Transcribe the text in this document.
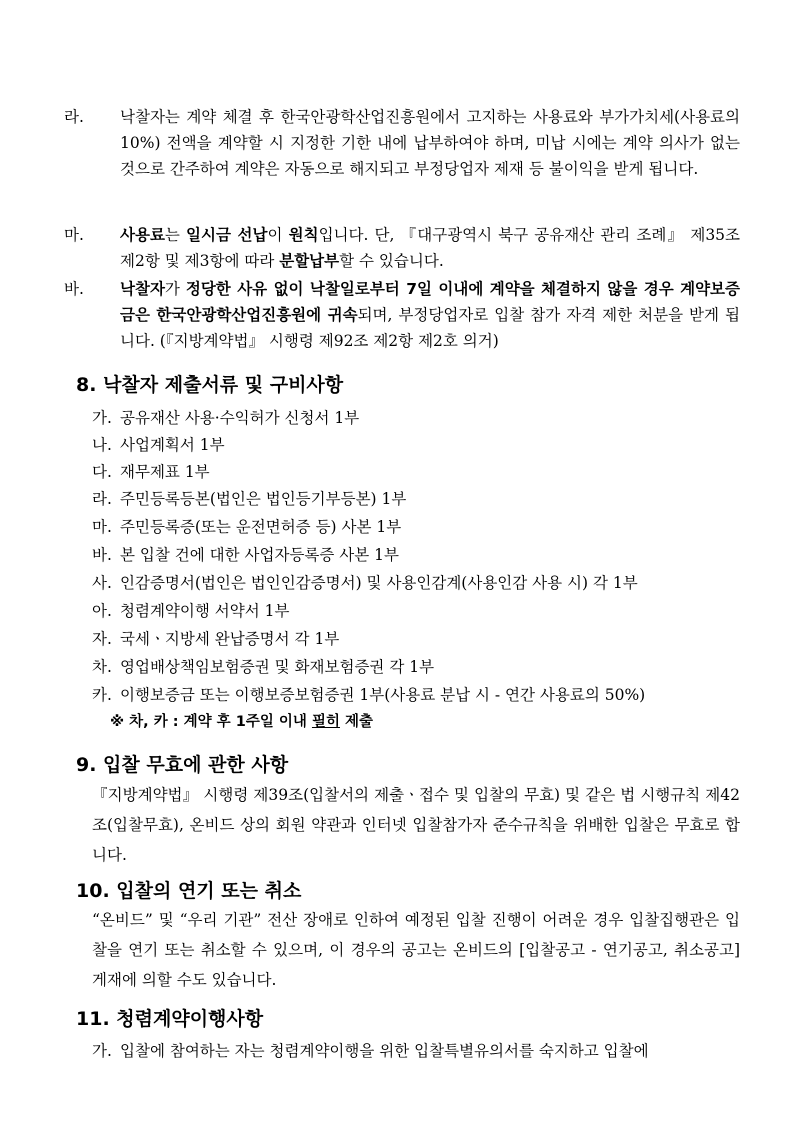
라. 낙찰자는 계약 체결 후 한국안광학산업진흥원에서 고지하는 사용료와 부가가치세(사용료의 10%) 전액을 계약할 시 지정한 기한 내에 납부하여야 하며, 미납 시에는 계약 의사가 없는 것으로 간주하여 계약은 자동으로 해지되고 부정당업자 제재 등 불이익을 받게 됩니다.
마. 사용료는 일시금 선납이 원칙입니다. 단, 『대구광역시 북구 공유재산 관리 조례』 제35조 제2항 및 제3항에 따라 분할납부할 수 있습니다.
바. 낙찰자가 정당한 사유 없이 낙찰일로부터 7일 이내에 계약을 체결하지 않을 경우 계약보증금은 한국안광학산업진흥원에 귀속되며, 부정당업자로 입찰 참가 자격 제한 처분을 받게 됩니다. (『지방계약법』 시행령 제92조 제2항 제2호 의거)
8. 낙찰자 제출서류 및 구비사항
가. 공유재산 사용·수익허가 신청서 1부
나. 사업계획서 1부
다. 재무제표 1부
라. 주민등록등본(법인은 법인등기부등본) 1부
마. 주민등록증(또는 운전면허증 등) 사본 1부
바. 본 입찰 건에 대한 사업자등록증 사본 1부
사. 인감증명서(법인은 법인인감증명서) 및 사용인감계(사용인감 사용 시) 각 1부
아. 청렴계약이행 서약서 1부
자. 국세ㆍ지방세 완납증명서 각 1부
차. 영업배상책임보험증권 및 화재보험증권 각 1부
카. 이행보증금 또는 이행보증보험증권 1부(사용료 분납 시 - 연간 사용료의 50%)
※ 차, 카 : 계약 후 1주일 이내 필히 제출
9. 입찰 무효에 관한 사항
『지방계약법』 시행령 제39조(입찰서의 제출ㆍ접수 및 입찰의 무효) 및 같은 법 시행규칙 제42조(입찰무효), 온비드 상의 회원 약관과 인터넷 입찰참가자 준수규칙을 위배한 입찰은 무효로 합니다.
10. 입찰의 연기 또는 취소
“온비드” 및 “우리 기관” 전산 장애로 인하여 예정된 입찰 진행이 어려운 경우 입찰집행관은 입찰을 연기 또는 취소할 수 있으며, 이 경우의 공고는 온비드의 [입찰공고 - 연기공고, 취소공고] 게재에 의할 수도 있습니다.
11. 청렴계약이행사항
가. 입찰에 참여하는 자는 청렴계약이행을 위한 입찰특별유의서를 숙지하고 입찰에
